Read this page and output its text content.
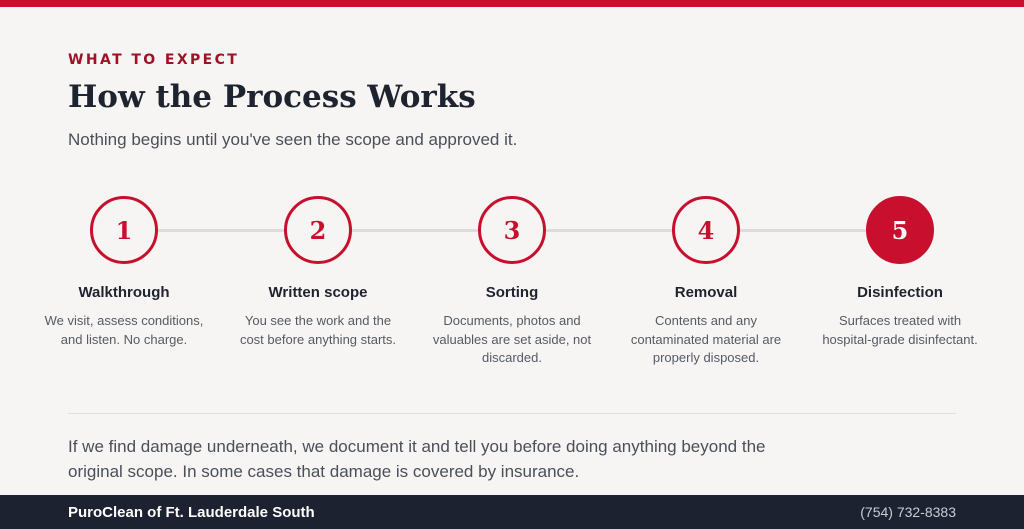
WHAT TO EXPECT
How the Process Works

Nothing begins until you've seen the scope and approved it.

1
Walkthrough
We visit, assess conditions, and listen. No charge.
2
Written scope
You see the work and the cost before anything starts.
3
Sorting
Documents, photos and valuables are set aside, not discarded.
4
Removal
Contents and any contaminated material are properly disposed.
5
Disinfection
Surfaces treated with hospital-grade disinfectant.

If we find damage underneath, we document it and tell you before doing anything beyond the original scope. In some cases that damage is covered by insurance.

PuroClean of Ft. Lauderdale South	(754) 732-8383
